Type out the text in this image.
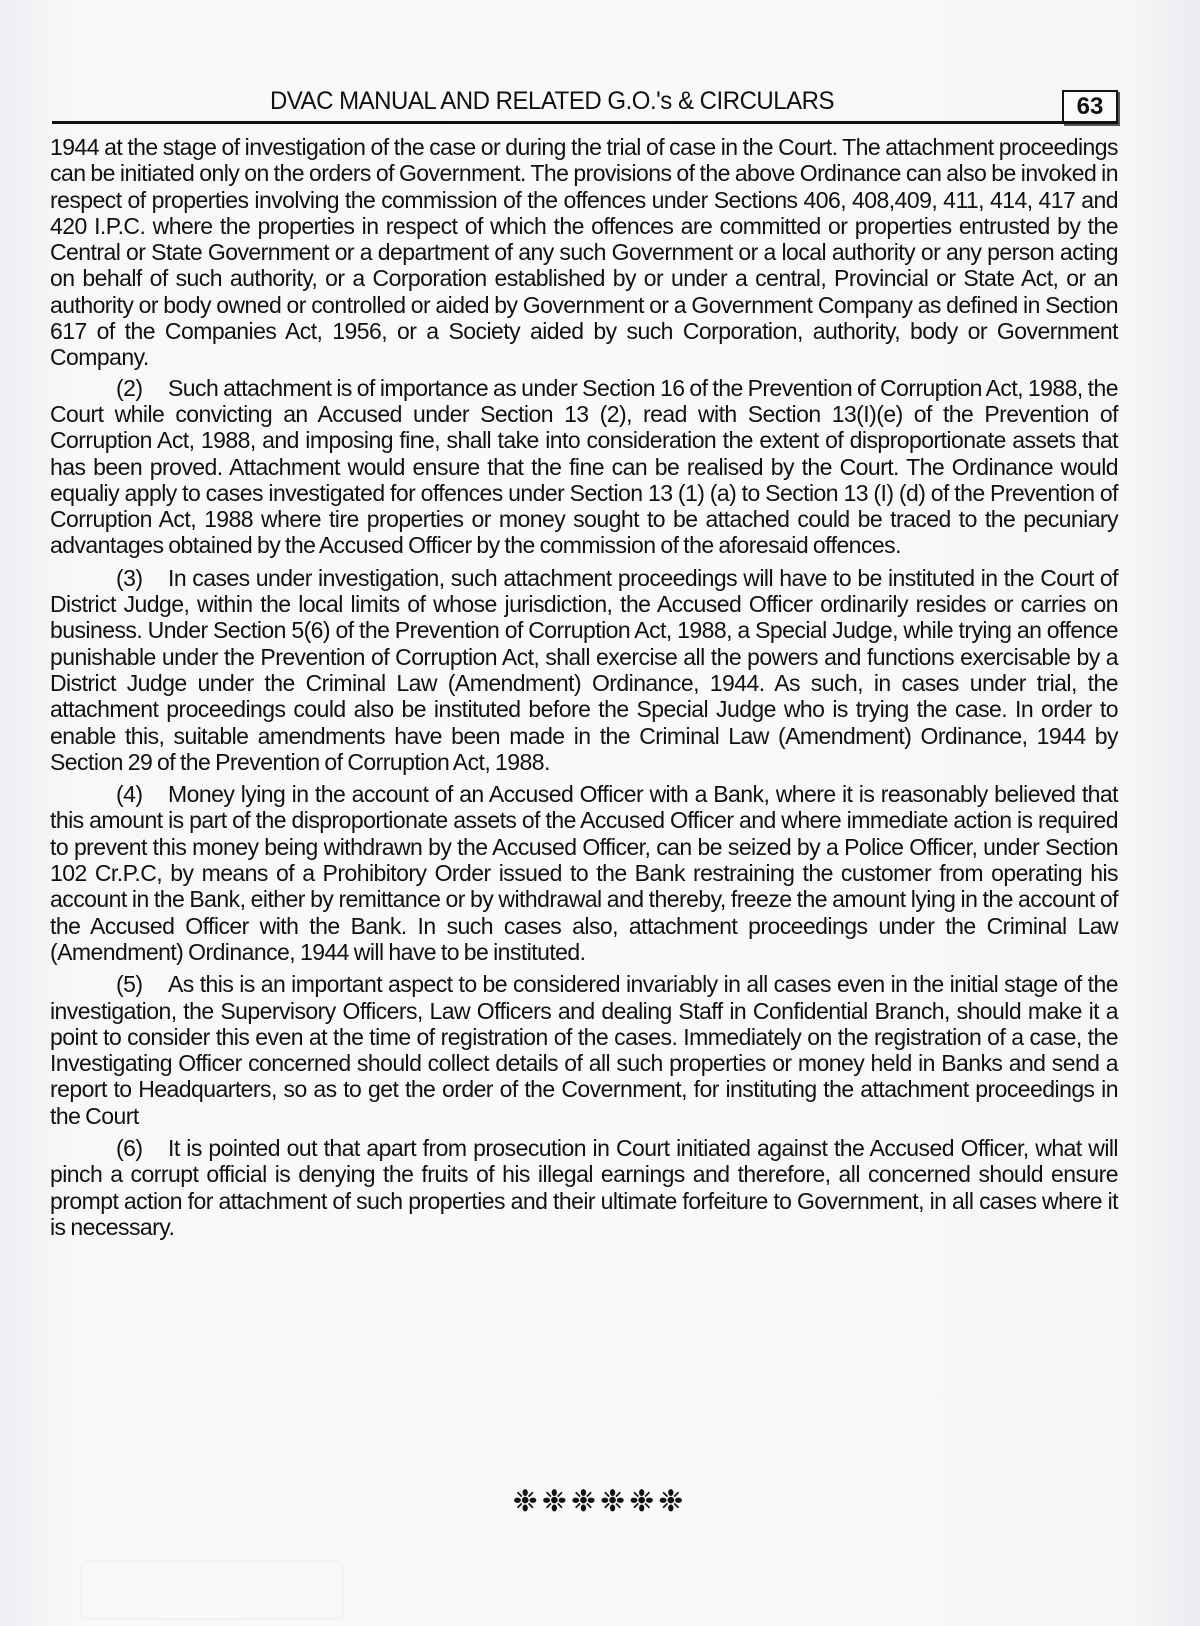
DVAC MANUAL AND RELATED G.O.'s & CIRCULARS	63

1944 at the stage of investigation of the case or during the trial of case in the Court. The attachment proceedings can be initiated only on the orders of Government. The provisions of the above Ordinance can also be invoked in respect of properties involving the commission of the offences under Sections 406, 408,409, 411, 414, 417 and 420 I.P.C. where the properties in respect of which the offences are committed or properties entrusted by the Central or State Government or a department of any such Government or a local authority or any person acting on behalf of such authority, or a Corporation established by or under a central, Provincial or State Act, or an authority or body owned or controlled or aided by Government or a Government Company as defined in Section 617 of the Companies Act, 1956, or a Society aided by such Corporation, authority, body or Government Company.

(2) Such attachment is of importance as under Section 16 of the Prevention of Corruption Act, 1988, the Court while convicting an Accused under Section 13 (2), read with Section 13(I)(e) of the Prevention of Corruption Act, 1988, and imposing fine, shall take into consideration the extent of disproportionate assets that has been proved. Attachment would ensure that the fine can be realised by the Court. The Ordinance would equaliy apply to cases investigated for offences under Section 13 (1) (a) to Section 13 (I) (d) of the Prevention of Corruption Act, 1988 where tire properties or money sought to be attached could be traced to the pecuniary advantages obtained by the Accused Officer by the commission of the aforesaid offences.

(3) In cases under investigation, such attachment proceedings will have to be instituted in the Court of District Judge, within the local limits of whose jurisdiction, the Accused Officer ordinarily resides or carries on business. Under Section 5(6) of the Prevention of Corruption Act, 1988, a Special Judge, while trying an offence punishable under the Prevention of Corruption Act, shall exercise all the powers and functions exercisable by a District Judge under the Criminal Law (Amendment) Ordinance, 1944. As such, in cases under trial, the attachment proceedings could also be instituted before the Special Judge who is trying the case. In order to enable this, suitable amendments have been made in the Criminal Law (Amendment) Ordinance, 1944 by Section 29 of the Prevention of Corruption Act, 1988.

(4) Money lying in the account of an Accused Officer with a Bank, where it is reasonably believed that this amount is part of the disproportionate assets of the Accused Officer and where immediate action is required to prevent this money being withdrawn by the Accused Officer, can be seized by a Police Officer, under Section 102 Cr.P.C, by means of a Prohibitory Order issued to the Bank restraining the customer from operating his account in the Bank, either by remittance or by withdrawal and thereby, freeze the amount lying in the account of the Accused Officer with the Bank. In such cases also, attachment proceedings under the Criminal Law (Amendment) Ordinance, 1944 will have to be instituted.

(5) As this is an important aspect to be considered invariably in all cases even in the initial stage of the investigation, the Supervisory Officers, Law Officers and dealing Staff in Confidential Branch, should make it a point to consider this even at the time of registration of the cases. Immediately on the registration of a case, the Investigating Officer concerned should collect details of all such properties or money held in Banks and send a report to Headquarters, so as to get the order of the Covernment, for instituting the attachment proceedings in the Court

(6) It is pointed out that apart from prosecution in Court initiated against the Accused Officer, what will pinch a corrupt official is denying the fruits of his illegal earnings and therefore, all concerned should ensure prompt action for attachment of such properties and their ultimate forfeiture to Government, in all cases where it is necessary.

❉❉❉❉❉❉
